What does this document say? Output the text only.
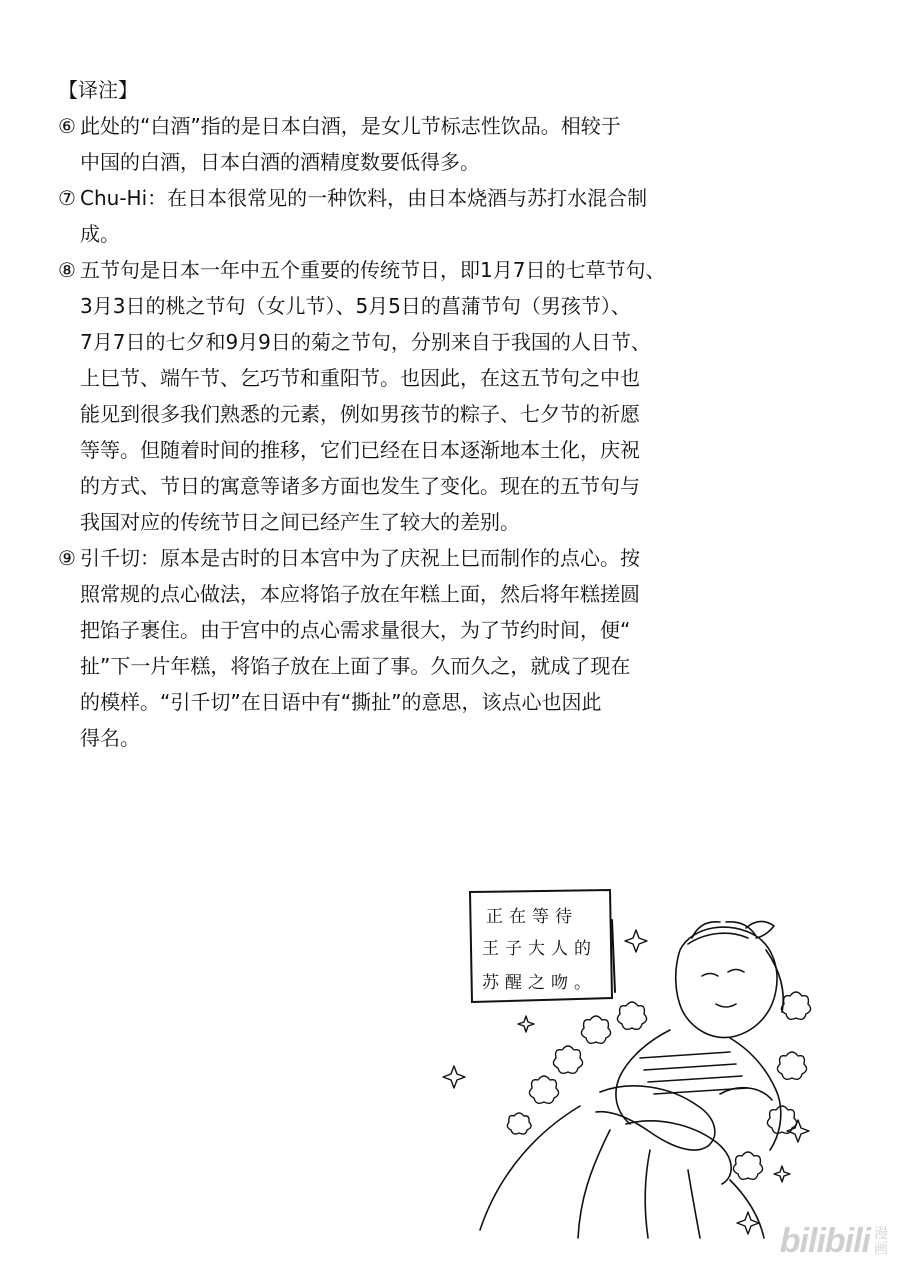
【译注】
⑥ 此处的“白酒”指的是日本白酒，是女儿节标志性饮品。相较于
中国的白酒，日本白酒的酒精度数要低得多。
⑦ Chu-Hi：在日本很常见的一种饮料，由日本烧酒与苏打水混合制
成。
⑧ 五节句是日本一年中五个重要的传统节日，即1月7日的七草节句、
3月3日的桃之节句（女儿节）、5月5日的菖蒲节句（男孩节）、
7月7日的七夕和9月9日的菊之节句，分别来自于我国的人日节、
上巳节、端午节、乞巧节和重阳节。也因此，在这五节句之中也
能见到很多我们熟悉的元素，例如男孩节的粽子、七夕节的祈愿
等等。但随着时间的推移，它们已经在日本逐渐地本土化，庆祝
的方式、节日的寓意等诸多方面也发生了变化。现在的五节句与
我国对应的传统节日之间已经产生了较大的差别。
⑨ 引千切：原本是古时的日本宫中为了庆祝上巳而制作的点心。按
照常规的点心做法，本应将馅子放在年糕上面，然后将年糕搓圆
把馅子裹住。由于宫中的点心需求量很大，为了节约时间，便“
扯”下一片年糕，将馅子放在上面了事。久而久之，就成了现在
的模样。“引千切”在日语中有“撕扯”的意思，该点心也因此
得名。
正在等待
王子大人的
苏醒之吻。
bilibili 漫
画
